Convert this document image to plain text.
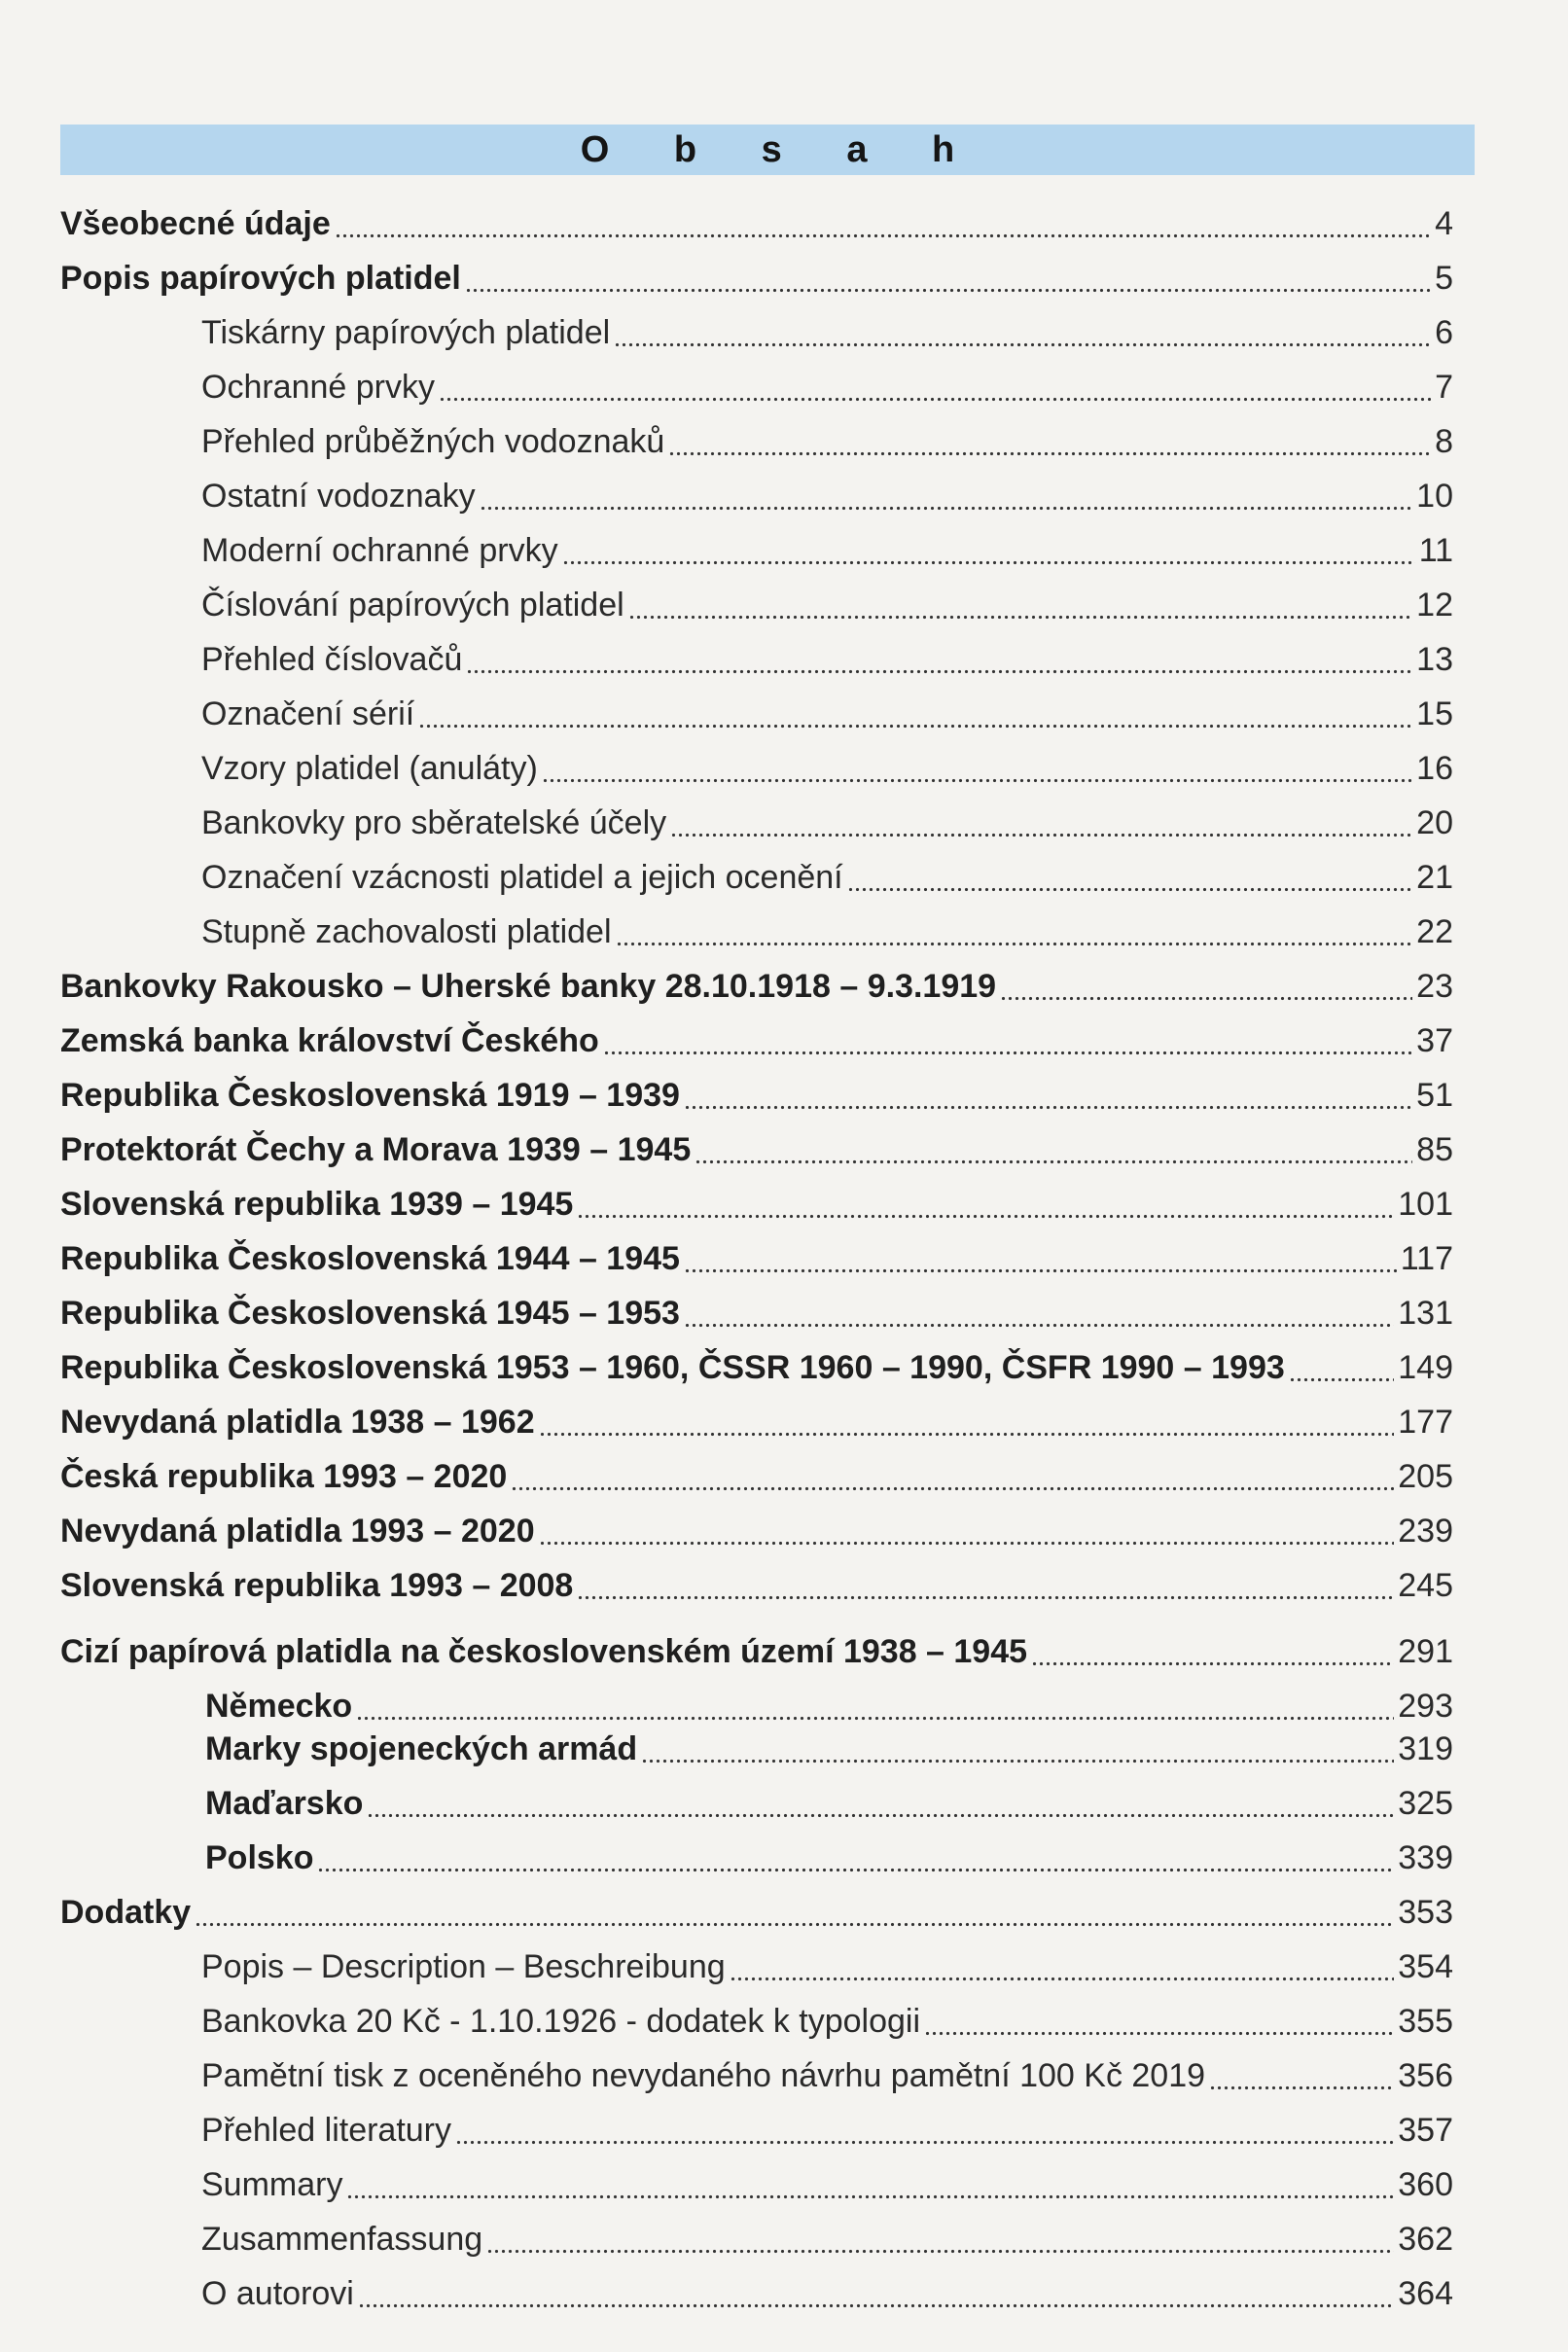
O b s a h
Všeobecné údaje	4
Popis papírových platidel	5
Tiskárny papírových platidel	6
Ochranné prvky	7
Přehled průběžných vodoznaků	8
Ostatní vodoznaky	10
Moderní ochranné prvky	11
Číslování papírových platidel	12
Přehled číslovačů	13
Označení sérií	15
Vzory platidel (anuláty)	16
Bankovky pro sběratelské účely	20
Označení vzácnosti platidel a jejich ocenění	21
Stupně zachovalosti platidel	22
Bankovky Rakousko – Uherské banky 28.10.1918 – 9.3.1919	23
Zemská banka království Českého	37
Republika Československá 1919 – 1939	51
Protektorát Čechy a Morava 1939 – 1945	85
Slovenská republika 1939 – 1945	101
Republika Československá 1944 – 1945	117
Republika Československá 1945 – 1953	131
Republika Československá 1953 – 1960, ČSSR 1960 – 1990, ČSFR 1990 – 1993	149
Nevydaná platidla 1938 – 1962	177
Česká republika 1993 – 2020	205
Nevydaná platidla 1993 – 2020	239
Slovenská republika 1993 – 2008	245
Cizí papírová platidla na československém území 1938 – 1945	291
Německo	293
Marky spojeneckých armád	319
Maďarsko	325
Polsko	339
Dodatky	353
Popis – Description – Beschreibung	354
Bankovka 20 Kč - 1.10.1926 - dodatek k typologii	355
Pamětní tisk z oceněného nevydaného návrhu pamětní 100 Kč 2019	356
Přehled literatury	357
Summary	360
Zusammenfassung	362
O autorovi	364
